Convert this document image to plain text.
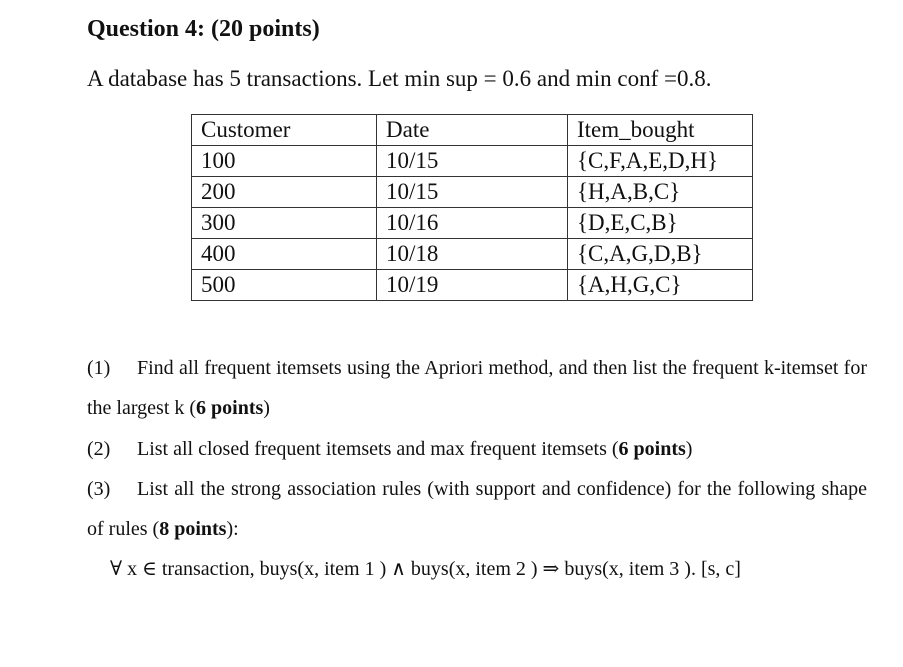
Question 4: (20 points)
A database has 5 transactions. Let min sup = 0.6 and min conf =0.8.
Customer	Date	Item_bought
100	10/15	{C,F,A,E,D,H}
200	10/15	{H,A,B,C}
300	10/16	{D,E,C,B}
400	10/18	{C,A,G,D,B}
500	10/19	{A,H,G,C}
(1) Find all frequent itemsets using the Apriori method, and then list the frequent k-itemset for the largest k (6 points)
(2) List all closed frequent itemsets and max frequent itemsets (6 points)
(3) List all the strong association rules (with support and confidence) for the following shape of rules (8 points):
∀ x ∈ transaction, buys(x, item 1 ) ∧ buys(x, item 2 ) ⇒ buys(x, item 3 ). [s, c]
